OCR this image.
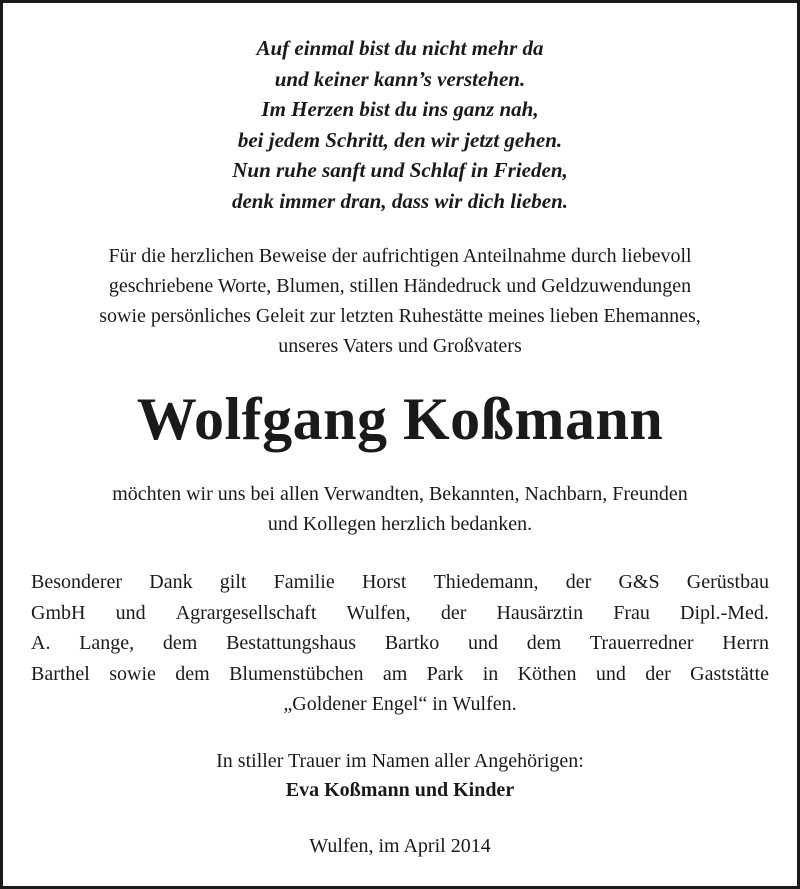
Auf einmal bist du nicht mehr da
und keiner kann’s verstehen.
Im Herzen bist du ins ganz nah,
bei jedem Schritt, den wir jetzt gehen.
Nun ruhe sanft und Schlaf in Frieden,
denk immer dran, dass wir dich lieben.
Für die herzlichen Beweise der aufrichtigen Anteilnahme durch liebevoll
geschriebene Worte, Blumen, stillen Händedruck und Geldzuwendungen
sowie persönliches Geleit zur letzten Ruhestätte meines lieben Ehemannes,
unseres Vaters und Großvaters
Wolfgang Koßmann
möchten wir uns bei allen Verwandten, Bekannten, Nachbarn, Freunden
und Kollegen herzlich bedanken.
Besonderer Dank gilt Familie Horst Thiedemann, der G&S Gerüstbau
GmbH und Agrargesellschaft Wulfen, der Hausärztin Frau Dipl.-Med.
A. Lange, dem Bestattungshaus Bartko und dem Trauerredner Herrn
Barthel sowie dem Blumenstübchen am Park in Köthen und der Gaststätte
„Goldener Engel“ in Wulfen.
In stiller Trauer im Namen aller Angehörigen:
Eva Koßmann und Kinder
Wulfen, im April 2014
